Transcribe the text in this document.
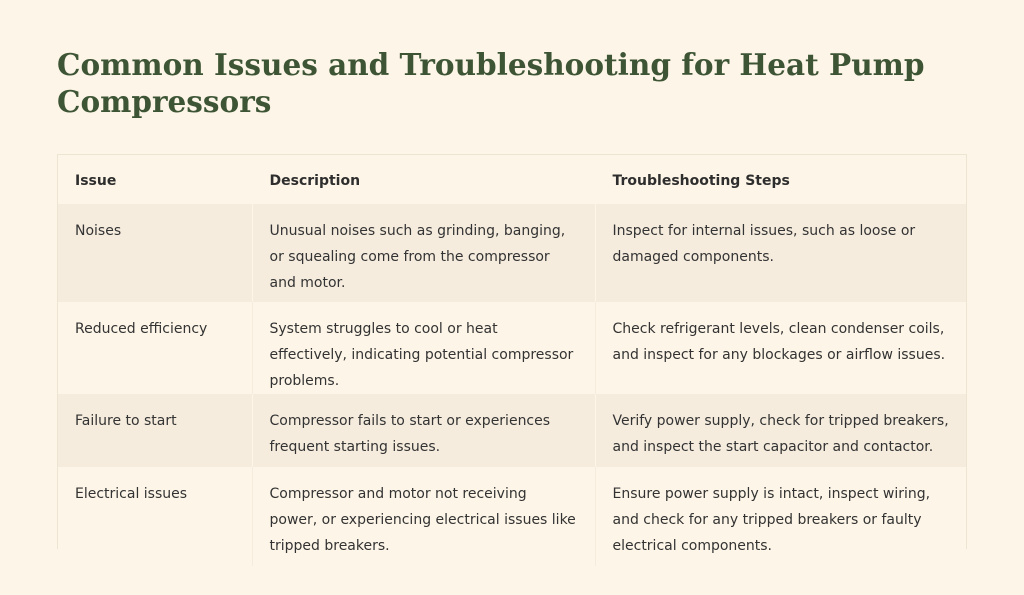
Common Issues and Troubleshooting for Heat Pump Compressors
Issue	Description	Troubleshooting Steps
Noises	Unusual noises such as grinding, banging, or squealing come from the compressor and motor.	Inspect for internal issues, such as loose or damaged components.
Reduced efficiency	System struggles to cool or heat effectively, indicating potential compressor problems.	Check refrigerant levels, clean condenser coils, and inspect for any blockages or airflow issues.
Failure to start	Compressor fails to start or experiences frequent starting issues.	Verify power supply, check for tripped breakers, and inspect the start capacitor and contactor.
Electrical issues	Compressor and motor not receiving power, or experiencing electrical issues like tripped breakers.	Ensure power supply is intact, inspect wiring, and check for any tripped breakers or faulty electrical components.
